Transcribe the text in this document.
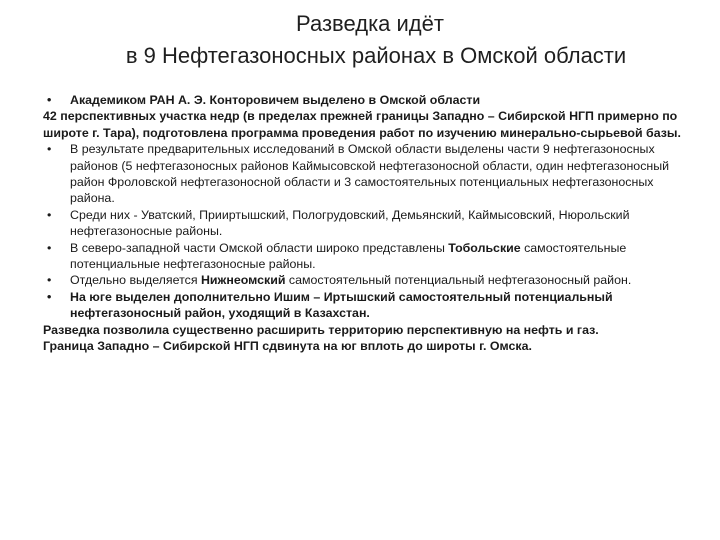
Разведка идёт
в 9 Нефтегазоносных районах в Омской области
•
Академиком РАН А. Э. Конторовичем выделено в Омской области

42 перспективных участка недр (в пределах прежней границы Западно – Сибирской НГП примерно по широте г. Тара), подготовлена программа проведения работ по изучению минерально-сырьевой базы.

•
В результате предварительных исследований в Омской области выделены части 9 нефтегазоносных районов (5 нефтегазоносных районов Каймысовской нефтегазоносной области, один нефтегазоносный район Фроловской нефтегазоносной области и 3 самостоятельных потенциальных нефтегазоносных района.
•
Среди них - Уватский, Прииртышский, Пологрудовский, Демьянский, Каймысовский, Нюрольский нефтегазоносные районы.
•
В северо-западной части Омской области широко представлены Тобольские самостоятельные потенциальные нефтегазоносные районы.
•
Отдельно выделяется Нижнеомский самостоятельный потенциальный нефтегазоносный район.
•
На юге выделен дополнительно Ишим – Иртышский самостоятельный потенциальный нефтегазоносный район, уходящий в Казахстан.

Разведка позволила существенно расширить территорию перспективную на нефть и газ.

Граница Западно – Сибирской НГП сдвинута на юг вплоть до широты г. Омска.
